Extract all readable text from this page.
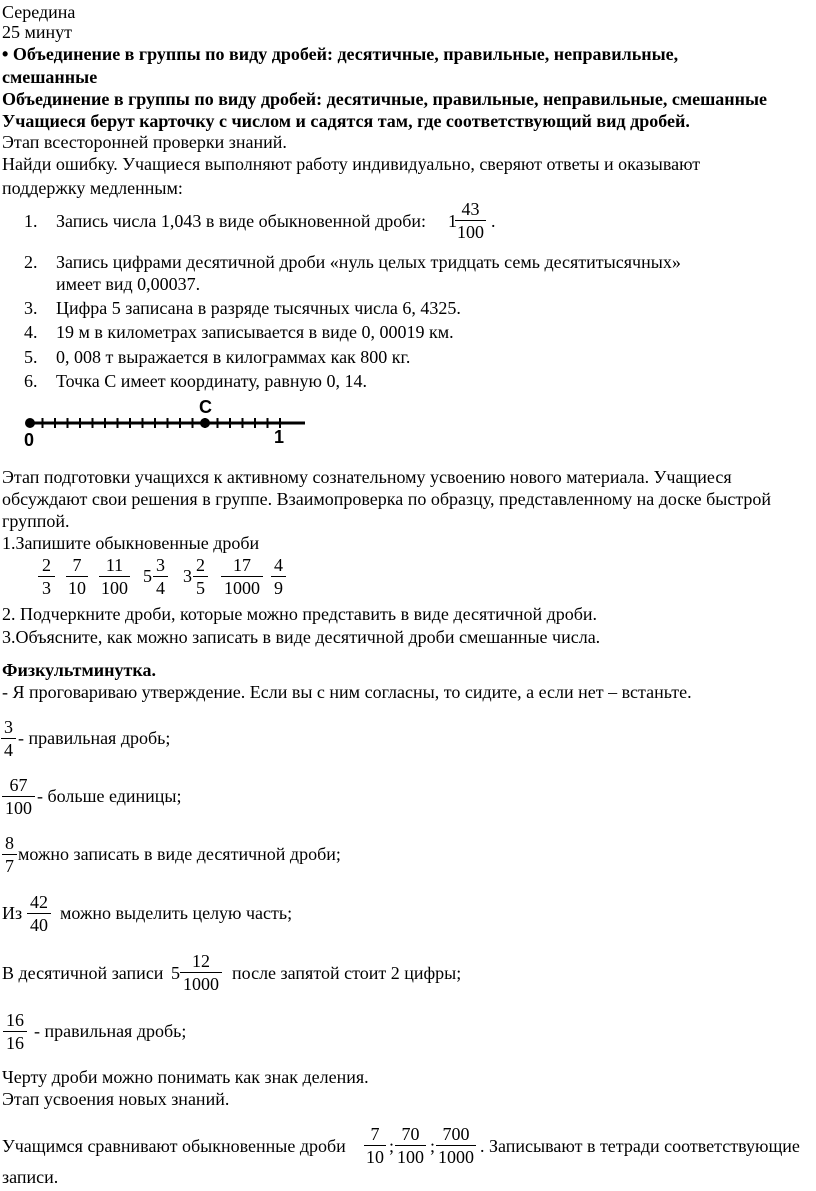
Середина
25 минут
• Объединение в группы по виду дробей: десятичные, правильные, неправильные,
смешанные
Объединение в группы по виду дробей: десятичные, правильные, неправильные, смешанные
Учащиеся берут карточку с числом и садятся там, где соответствующий вид дробей.
Этап всесторонней проверки знаний.
Найди ошибку. Учащиеся выполняют работу индивидуально, сверяют ответы и оказывают
поддержку медленным:
1. Запись числа 1,043 в виде обыкновенной дроби: 1
$\frac{43}{100}$ .
2. Запись цифрами десятичной дроби «нуль целых тридцать семь десятитысячных»
имеет вид 0,00037.
3. Цифра 5 записана в разряде тысячных числа 6, 4325.
4. 19 м в километрах записывается в виде 0, 00019 км.
5. 0, 008 т выражается в килограммах как 800 кг.
6. Точка С имеет координату, равную 0, 14.
C
0	1
Этап подготовки учащихся к активному сознательному усвоению нового материала. Учащиеся
обсуждают свои решения в группе. Взаимопроверка по образцу, представленному на доске быстрой
группой.
1.Запишите обыкновенные дроби
$\frac{2}{3} \frac{7}{10} \frac{11}{100} 5 \frac{3}{4} 3 \frac{2}{5} \frac{17}{1000} \frac{4}{9}$
2. Подчеркните дроби, которые можно представить в виде десятичной дроби.
3.Объясните, как можно записать в виде десятичной дроби смешанные числа.
Физкультминутка.
- Я проговариваю утверждение. Если вы с ним согласны, то сидите, а если нет – встаньте.
$\frac{3}{4}$ - правильная дробь;
$\frac{67}{100}$ - больше единицы;
$\frac{8}{7}$ можно записать в виде десятичной дроби;
Из $\frac{42}{40}$ можно выделить целую часть;
В десятичной записи $5 \frac{12}{1000}$ после запятой стоит 2 цифры;
$\frac{16}{16}$ - правильная дробь;
Черту дроби можно понимать как знак деления.
Этап усвоения новых знаний.
Учащимся сравнивают обыкновенные дроби $\frac{7}{10}$ ; $\frac{70}{100}$ ; $\frac{700}{1000}$ . Записывают в тетради соответствующие
записи.
